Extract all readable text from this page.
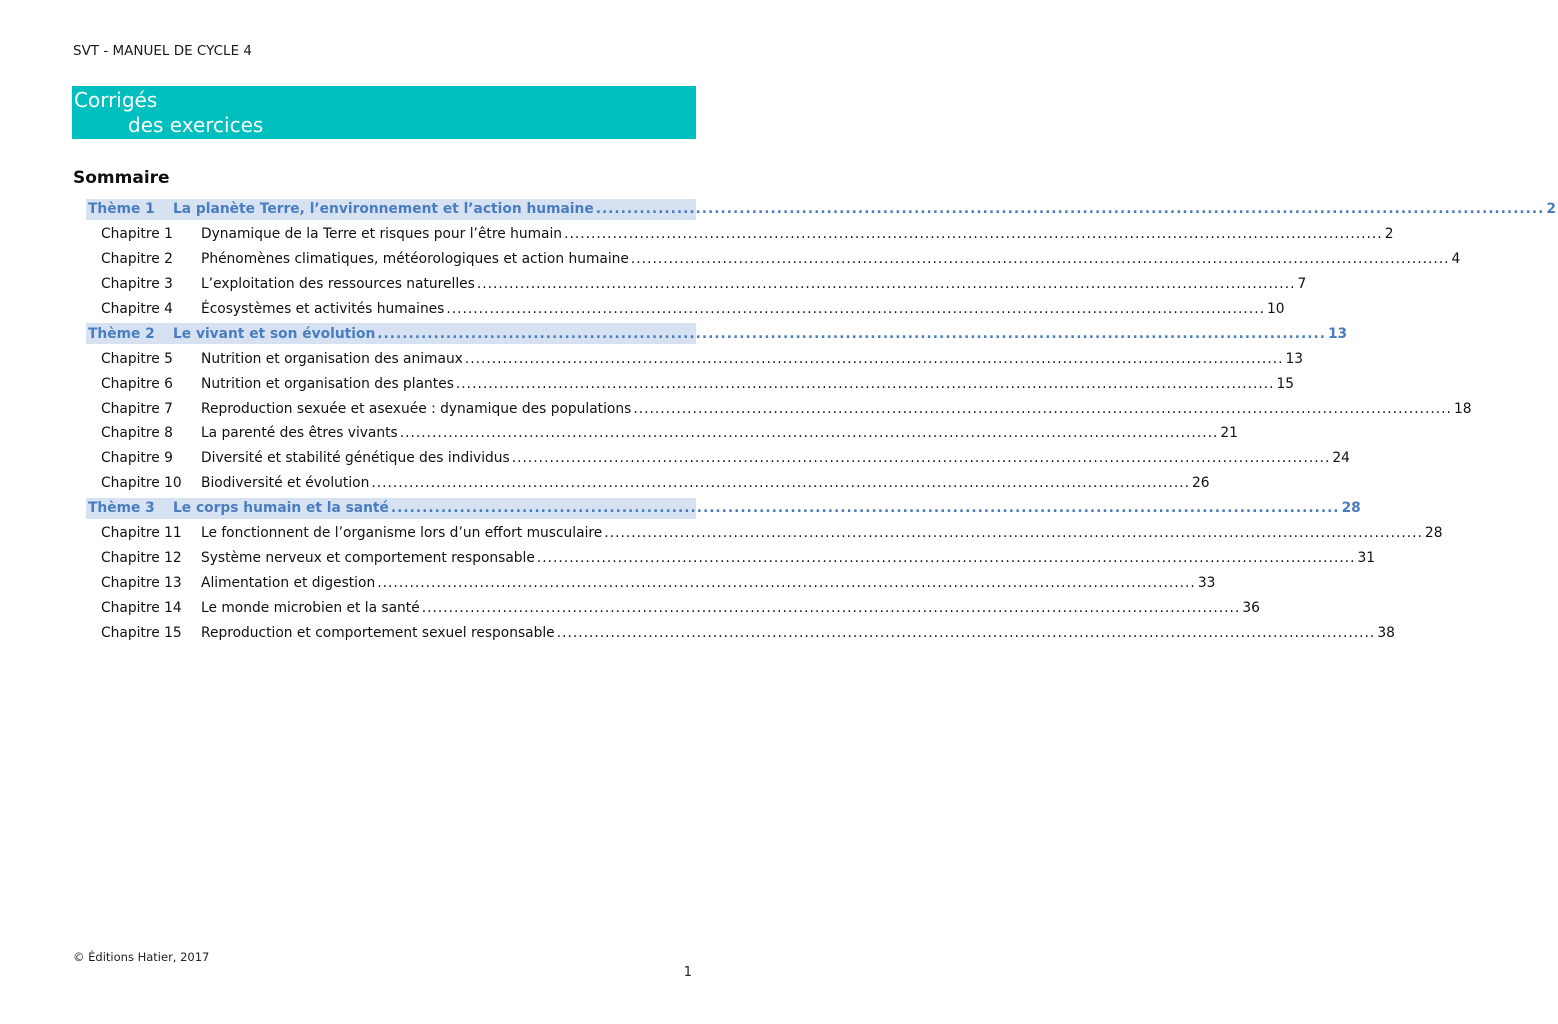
SVT - MANUEL DE CYCLE 4
Corrigés
des exercices
Sommaire
Thème 1	La planète Terre, l’environnement et l’action humaine .....	2
Chapitre 1	Dynamique de la Terre et risques pour l’être humain .....	2
Chapitre 2	Phénomènes climatiques, météorologiques et action humaine .....	4
Chapitre 3	L’exploitation des ressources naturelles .....	7
Chapitre 4	Écosystèmes et activités humaines .....	10
Thème 2	Le vivant et son évolution .....	13
Chapitre 5	Nutrition et organisation des animaux .....	13
Chapitre 6	Nutrition et organisation des plantes .....	15
Chapitre 7	Reproduction sexuée et asexuée : dynamique des populations .....	18
Chapitre 8	La parenté des êtres vivants .....	21
Chapitre 9	Diversité et stabilité génétique des individus .....	24
Chapitre 10	Biodiversité et évolution .....	26
Thème 3	Le corps humain et la santé .....	28
Chapitre 11	Le fonctionnent de l’organisme lors d’un effort musculaire .....	28
Chapitre 12	Système nerveux et comportement responsable .....	31
Chapitre 13	Alimentation et digestion .....	33
Chapitre 14	Le monde microbien et la santé .....	36
Chapitre 15	Reproduction et comportement sexuel responsable .....	38
© Éditions Hatier, 2017
1
